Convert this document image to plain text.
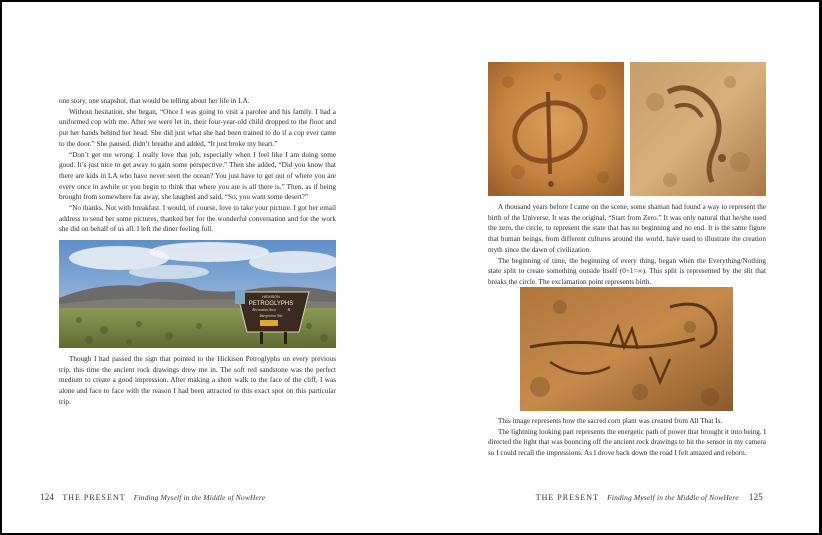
one story, one snapshot, that would be telling about her life in LA.

Without hesitation, she began, “Once I was going to visit a parolee and his family. I had a uniformed cop with me. After we were let in, their four-year-old child dropped to the floor and put her hands behind her head. She did just what she had been trained to do if a cop ever came to the door.” She paused, didn’t breathe and added, “It just broke my heart.”

“Don’t get me wrong. I really love that job, especially when I feel like I am doing some good. It’s just nice to get away to gain some perspective.” Then she added, “Did you know that there are kids in LA who have never seen the ocean? You just have to get out of where you are every once in awhile or you begin to think that where you are is all there is.” Then, as if being brought from somewhere far away, she laughed and said, “So, you want some desert?”

“No thanks. Not with breakfast. I would, of course, love to take your picture. I got her email address to send her some pictures, thanked her for the wonderful conversation and for the work she did on behalf of us all. I left the diner feeling full.

HICKISON
PETROGLYPHS
Recreation Area	&
Interpretive Site

Though I had passed the sign that pointed to the Hickison Petroglyphs on every previous trip, this time the ancient rock drawings drew me in. The soft red sandstone was the perfect medium to create a good impression. After making a short walk to the face of the cliff, I was alone and face to face with the reason I had been attracted to this exact spot on this particular trip.

124 THE PRESENT Finding Myself in the Middle of NowHere

A thousand years before I came on the scene, some shaman had found a way to represent the birth of the Universe. It was the original, “Start from Zero.” It was only natural that he/she used the zero, the circle, to represent the state that has no beginning and no end. It is the same figure that human beings, from different cultures around the world, have used to illustrate the creation myth since the dawn of civilization.

The beginning of time, the beginning of every thing, began when the Everything/Nothing state split to create something outside Itself (0+1=∞). This split is represented by the slit that breaks the circle. The exclamation point represents birth.

This image represents how the sacred corn plant was created from All That Is.

The lightning looking part represents the energetic path of power that brought it into being. I directed the light that was bouncing off the ancient rock drawings to hit the sensor in my camera so I could recall the impressions. As I drove back down the road I felt amazed and reborn.

THE PRESENT Finding Myself in the Middle of NowHere 125
